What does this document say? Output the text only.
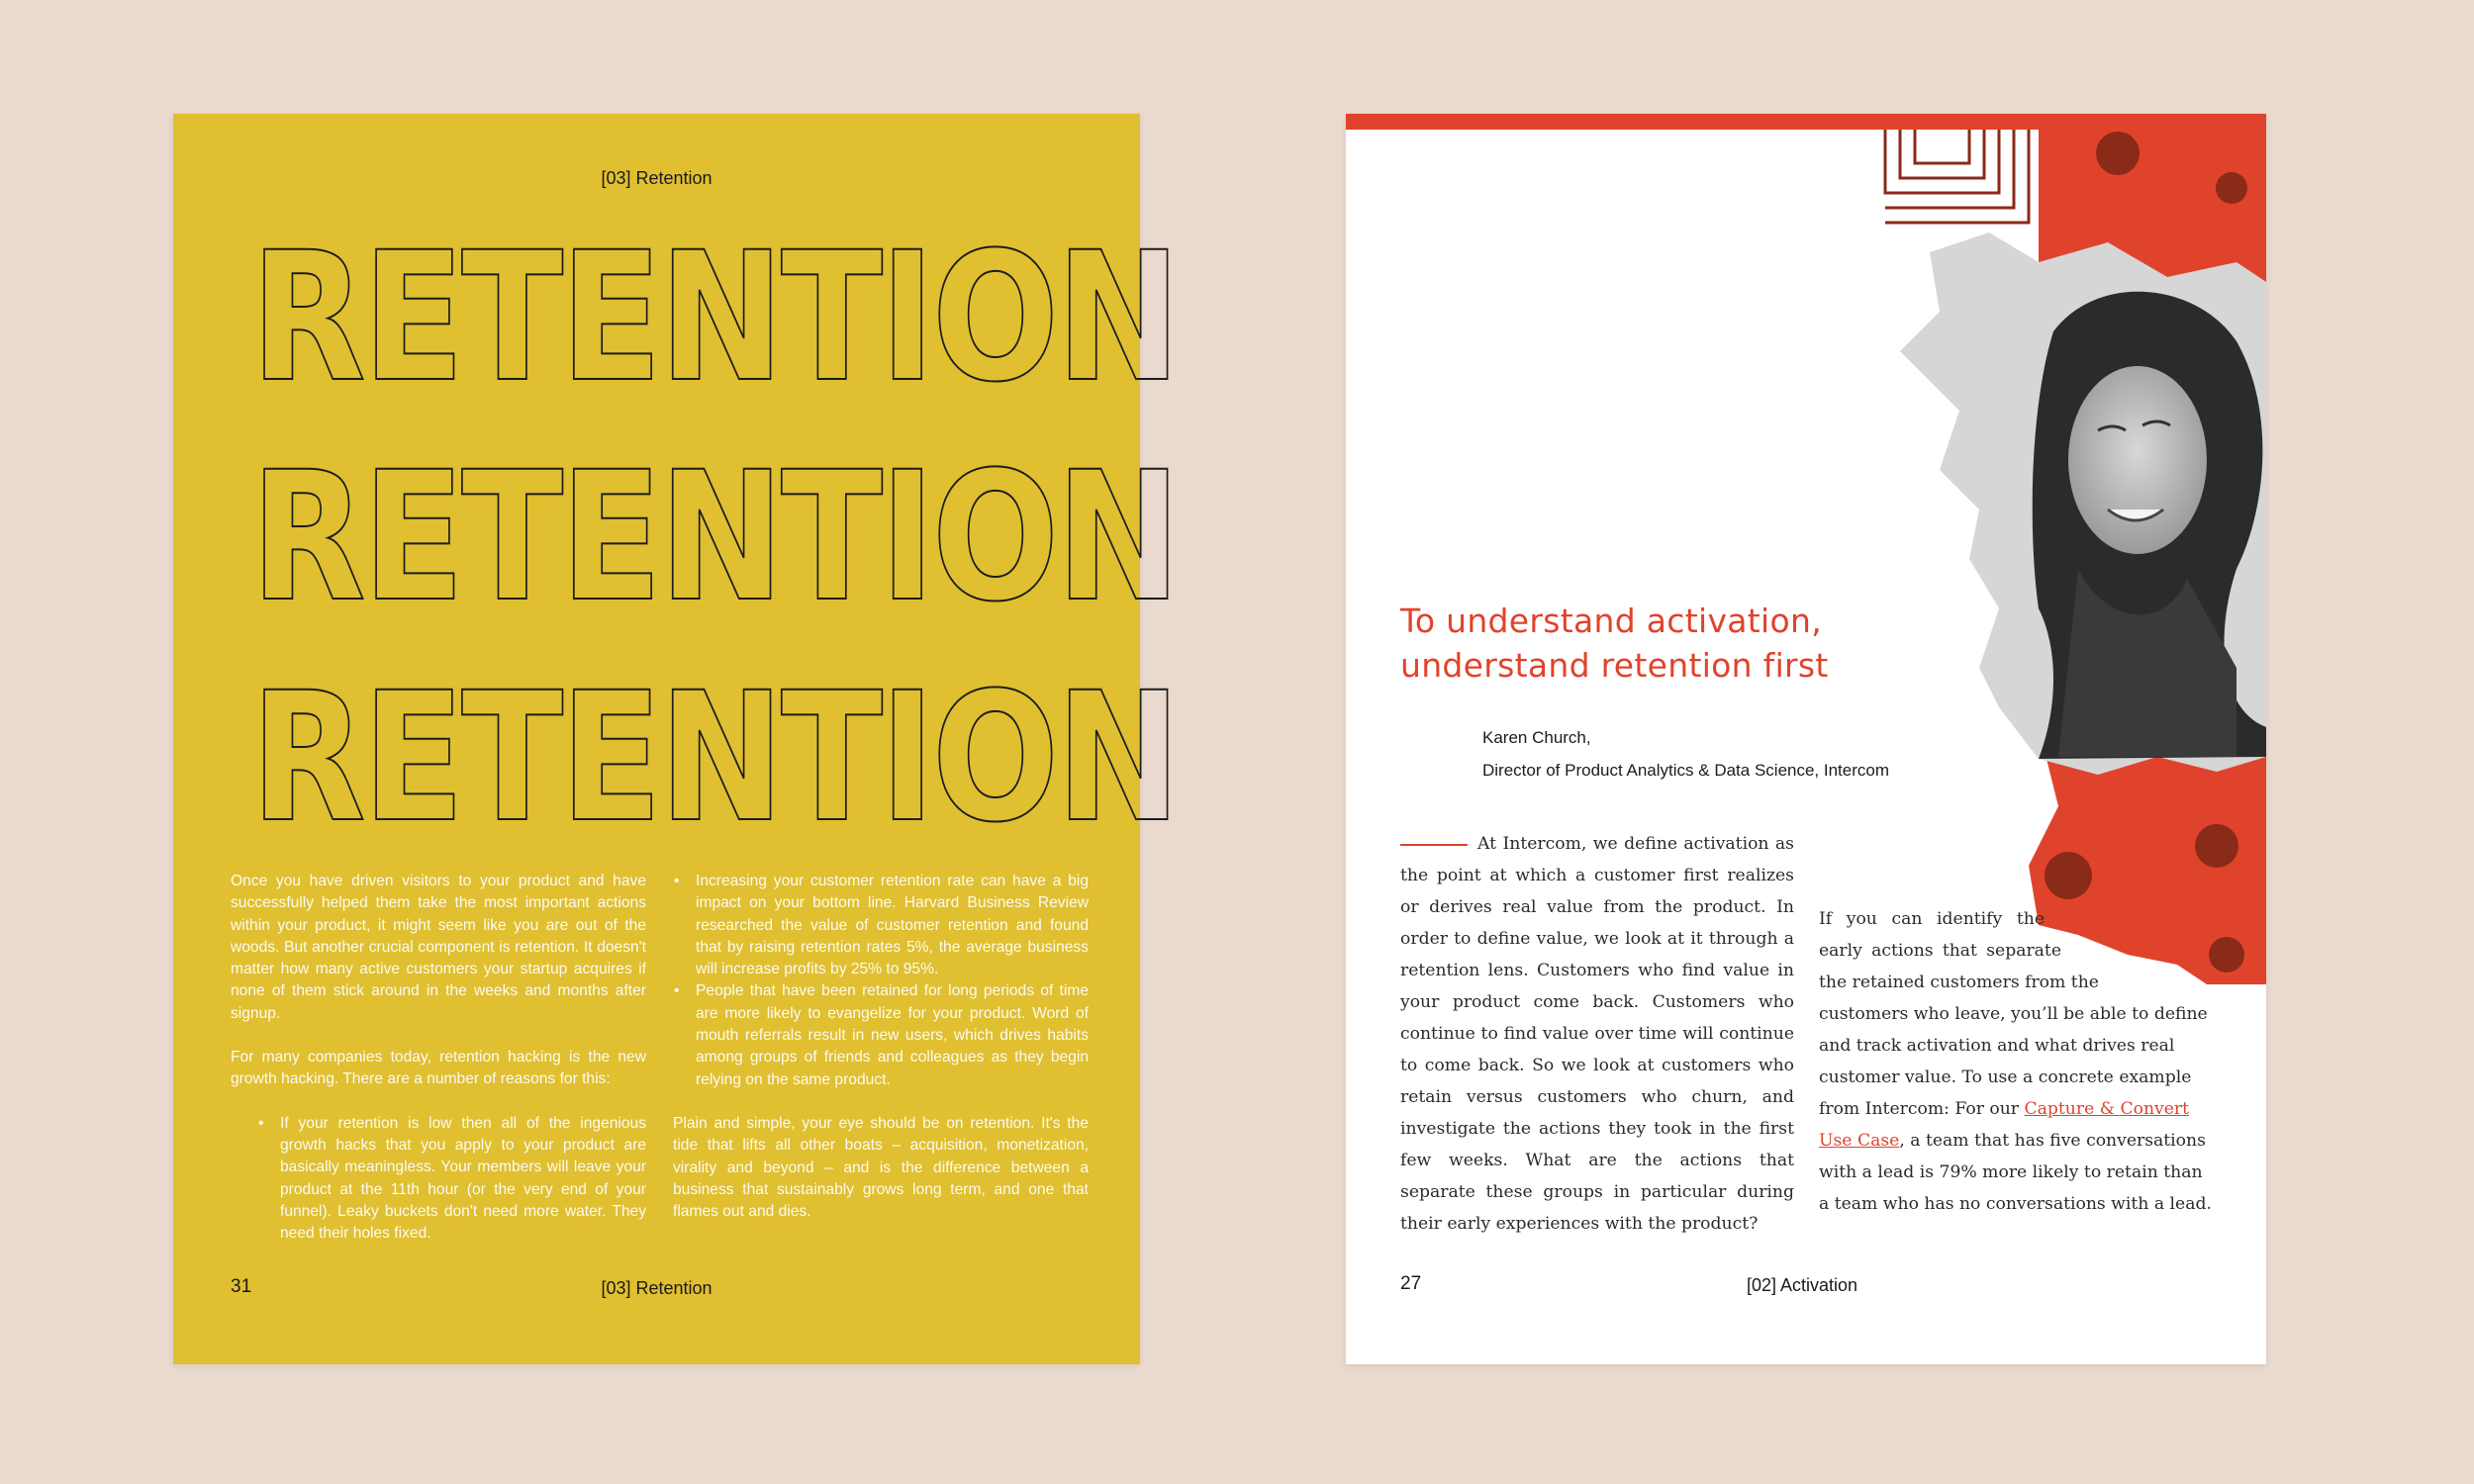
[03] Retention
RETENTION
RETENTION
RETENTION

Once you have driven visitors to your product and have successfully helped them take the most important actions within your product, it might seem like you are out of the woods. But another crucial component is retention. It doesn't matter how many active customers your startup acquires if none of them stick around in the weeks and months after signup.

For many companies today, retention hacking is the new growth hacking. There are a number of reasons for this:

• If your retention is low then all of the ingenious growth hacks that you apply to your product are basically meaningless. Your members will leave your product at the 11th hour (or the very end of your funnel). Leaky buckets don't need more water. They need their holes fixed.
• Increasing your customer retention rate can have a big impact on your bottom line. Harvard Business Review researched the value of customer retention and found that by raising retention rates 5%, the average business will increase profits by 25% to 95%.
• People that have been retained for long periods of time are more likely to evangelize for your product. Word of mouth referrals result in new users, which drives habits among groups of friends and colleagues as they begin relying on the same product.

Plain and simple, your eye should be on retention. It's the tide that lifts all other boats – acquisition, monetization, virality and beyond – and is the difference between a business that sustainably grows long term, and one that flames out and dies.

31	[03] Retention
To understand activation,
understand retention first
Karen Church,
Director of Product Analytics & Data Science, Intercom
At Intercom, we define activation as the point at which a customer first realizes or derives real value from the product. In order to define value, we look at it through a retention lens. Customers who find value in your product come back. Customers who continue to find value over time will continue to come back. So we look at customers who retain versus customers who churn, and investigate the actions they took in the first few weeks. What are the actions that separate these groups in particular during their early experiences with the product?
If you can identify the
early actions that separate
the retained customers from the
customers who leave, you’ll be able to define and track activation and what drives real customer value. To use a concrete example from Intercom: For our Capture & Convert Use Case, a team that has five conversations with a lead is 79% more likely to retain than a team who has no conversations with a lead.
27	[02] Activation
